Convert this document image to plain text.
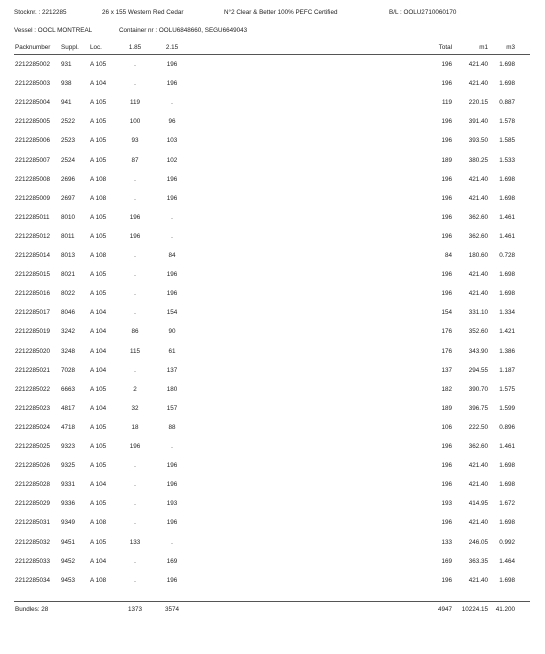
Stocknr. : 2212285	26 x 155 Western Red Cedar	N°2 Clear & Better 100% PEFC Certified	B/L : OOLU2710060170
Vessel : OOCL MONTREAL	Container nr : OOLU6848660, SEGU6649043
Packnumber Suppl. Loc.	1.85	2.15	Total	m1	m3
2212285002 931	A 105	.	196	196	421.40 1.698
2212285003 938	A 104	.	196	196	421.40 1.698
2212285004 941	A 105	119	.	119	220.15 0.887
2212285005 2522 A 105	100	96	196	391.40 1.578
2212285006 2523 A 105	93	103	196	393.50 1.585
2212285007 2524 A 105	87	102	189	380.25 1.533
2212285008 2696 A 108	.	196	196	421.40 1.698
2212285009 2697 A 108	.	196	196	421.40 1.698
2212285011 8010 A 105	196	.	196	362.60 1.461
2212285012 8011 A 105	196	.	196	362.60 1.461
2212285014 8013 A 108	.	84	84	180.60 0.728
2212285015 8021 A 105	.	196	196	421.40 1.698
2212285016 8022 A 105	.	196	196	421.40 1.698
2212285017 8046 A 104	.	154	154	331.10 1.334
2212285019 3242 A 104	86	90	176	352.60 1.421
2212285020 3248 A 104	115	61	176	343.90 1.386
2212285021 7028 A 104	.	137	137	294.55 1.187
2212285022 6663 A 105	2	180	182	390.70 1.575
2212285023 4817 A 104	32	157	189	396.75 1.599
2212285024 4718 A 105	18	88	106	222.50 0.896
2212285025 9323 A 105	196	.	196	362.60 1.461
2212285026 9325 A 105	.	196	196	421.40 1.698
2212285028 9331 A 104	.	196	196	421.40 1.698
2212285029 9336 A 105	.	193	193	414.95 1.672
2212285031 9349 A 108	.	196	196	421.40 1.698
2212285032 9451 A 105	133	.	133	246.05 0.992
2212285033 9452 A 104	.	169	169	363.35 1.464
2212285034 9453 A 108	.	196	196	421.40 1.698
Bundles: 28	1373	3574	4947 10224.15 41.200
